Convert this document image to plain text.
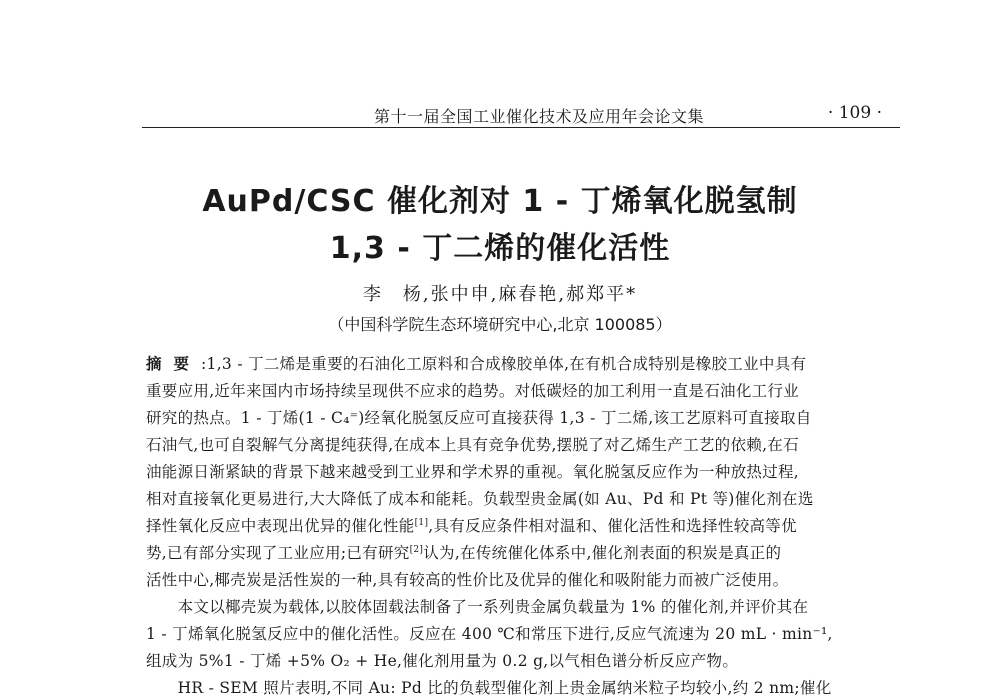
第十一届全国工业催化技术及应用年会论文集	· 109 ·
AuPd/CSC 催化剂对 1 - 丁烯氧化脱氢制
1,3 - 丁二烯的催化活性
李　杨,张中申,麻春艳,郝郑平*
（中国科学院生态环境研究中心,北京 100085）
摘要:1,3 - 丁二烯是重要的石油化工原料和合成橡胶单体,在有机合成特别是橡胶工业中具有
重要应用,近年来国内市场持续呈现供不应求的趋势。对低碳烃的加工利用一直是石油化工行业
研究的热点。1 - 丁烯(1 - C₄⁼)经氧化脱氢反应可直接获得 1,3 - 丁二烯,该工艺原料可直接取自
石油气,也可自裂解气分离提纯获得,在成本上具有竞争优势,摆脱了对乙烯生产工艺的依赖,在石
油能源日渐紧缺的背景下越来越受到工业界和学术界的重视。氧化脱氢反应作为一种放热过程,
相对直接氧化更易进行,大大降低了成本和能耗。负载型贵金属(如 Au、Pd 和 Pt 等)催化剂在选
择性氧化反应中表现出优异的催化性能[1],具有反应条件相对温和、催化活性和选择性较高等优
势,已有部分实现了工业应用;已有研究[2]认为,在传统催化体系中,催化剂表面的积炭是真正的
活性中心,椰壳炭是活性炭的一种,具有较高的性价比及优异的催化和吸附能力而被广泛使用。
　　本文以椰壳炭为载体,以胶体固载法制备了一系列贵金属负载量为 1% 的催化剂,并评价其在
1 - 丁烯氧化脱氢反应中的催化活性。反应在 400 ℃和常压下进行,反应气流速为 20 mL · min⁻¹,
组成为 5%1 - 丁烯 +5% O₂ + He,催化剂用量为 0.2 g,以气相色谱分析反应产物。
　　HR - SEM 照片表明,不同 Au: Pd 比的负载型催化剂上贵金属纳米粒子均较小,约 2 nm;催化
